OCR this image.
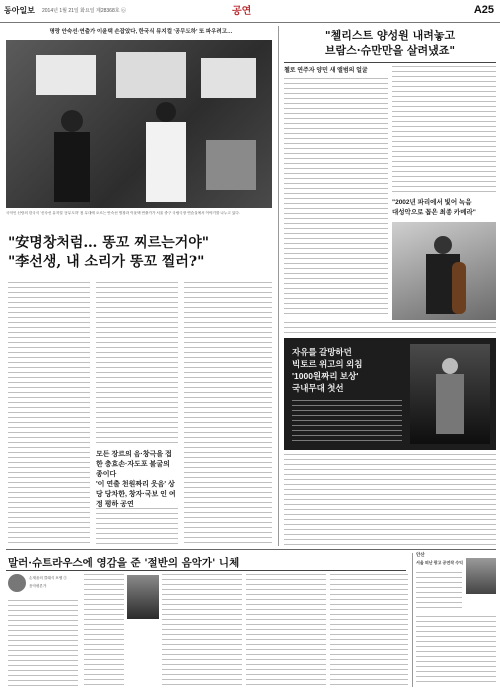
동아일보 2014년 1월 21일 화요일 제28368호 ⑥	공연	A25
명랑 안숙선·연출가 이윤택 손잡았다, 한국식 뮤지컬 '공무도하' 또 파우려고…
국악인 신랑의 한국식 '신숙선 뮤지컬 '공무도하' 첫 무대에 오르는 안숙선 명창과 이윤택 연출가가 서울 중구 국립극장 연습실에서 이야기를 나누고 있다.
"安명창처럼… 똥꼬 찌르는거야"
"李선생, 내 소리가 똥꼬 찔러?"
모든 장르의 음·창극을 접한 충효손·자도포 불굴의 종이다
'이 연출 천원짜리 웃음' 상당 당차한, 창자·국보 인 여정 평하 공연
"첼리스트 양성원 내려놓고
브람스·슈만만을 살려냈죠"
첼로 연주자 양민 새 앨범의 얼굴
"2002년 파리에서 빛어 녹음
대성악으로 꼽은 최종 카메라"
자유를 갈망하던
빅토르 위고의 외침
'1000원짜리 보상'
국내무대 첫선
말러·슈트라우스에 영감을 준 '절반의 음악가' 니체
손재윤의 클래식 포엠 ⑤
음악평론가
안산
서울 떠난 광고 공연작 수익
